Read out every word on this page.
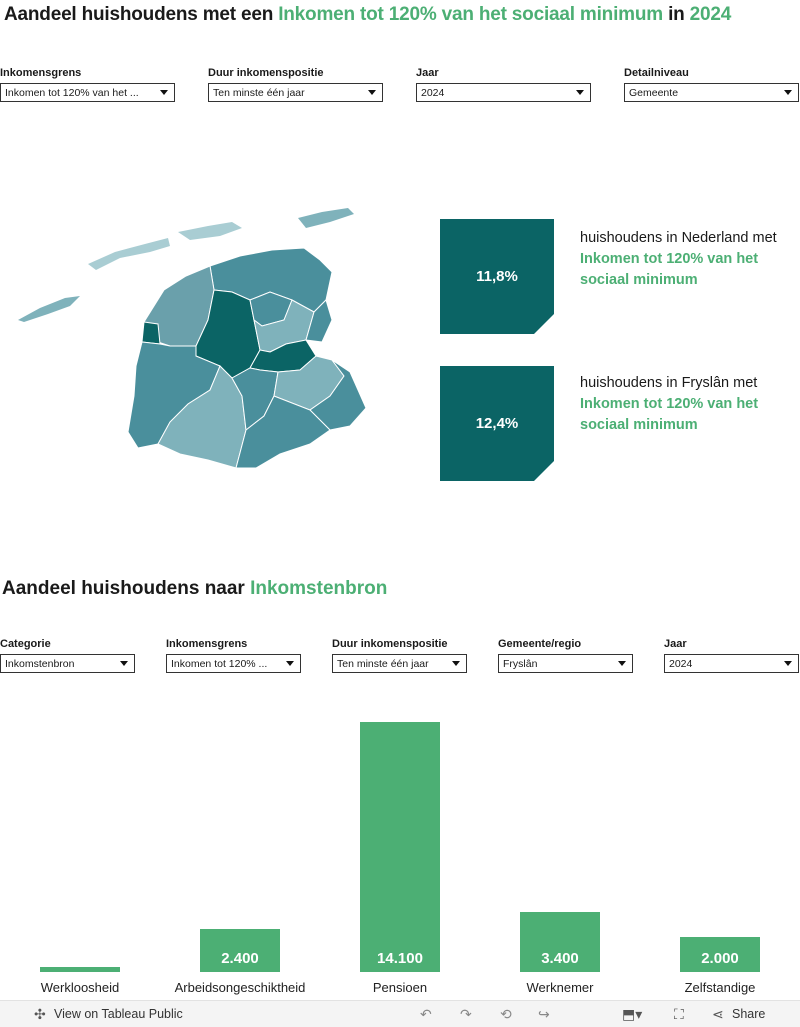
Aandeel huishoudens met een Inkomen tot 120% van het sociaal minimum in 2024
Inkomensgrens
Inkomen tot 120% van het ...
Duur inkomenspositie
Ten minste één jaar
Jaar
2024
Detailniveau
Gemeente
11,8%
huishoudens in Nederland met
Inkomen tot 120% van het
sociaal minimum
12,4%
huishoudens in Fryslân met
Inkomen tot 120% van het
sociaal minimum
Aandeel huishoudens naar Inkomstenbron
Categorie
Inkomstenbron
Inkomensgrens
Inkomen tot 120% ...
Duur inkomenspositie
Ten minste één jaar
Gemeente/regio
Fryslân
Jaar
2024
Werkloosheid
2.400
Arbeidsongeschiktheid
14.100
Pensioen
3.400
Werknemer
2.000
Zelfstandige
✣ View on Tableau Public	↶ ↷ ⟲ ↪	⬒▾ ⛶ ⋖ Share
